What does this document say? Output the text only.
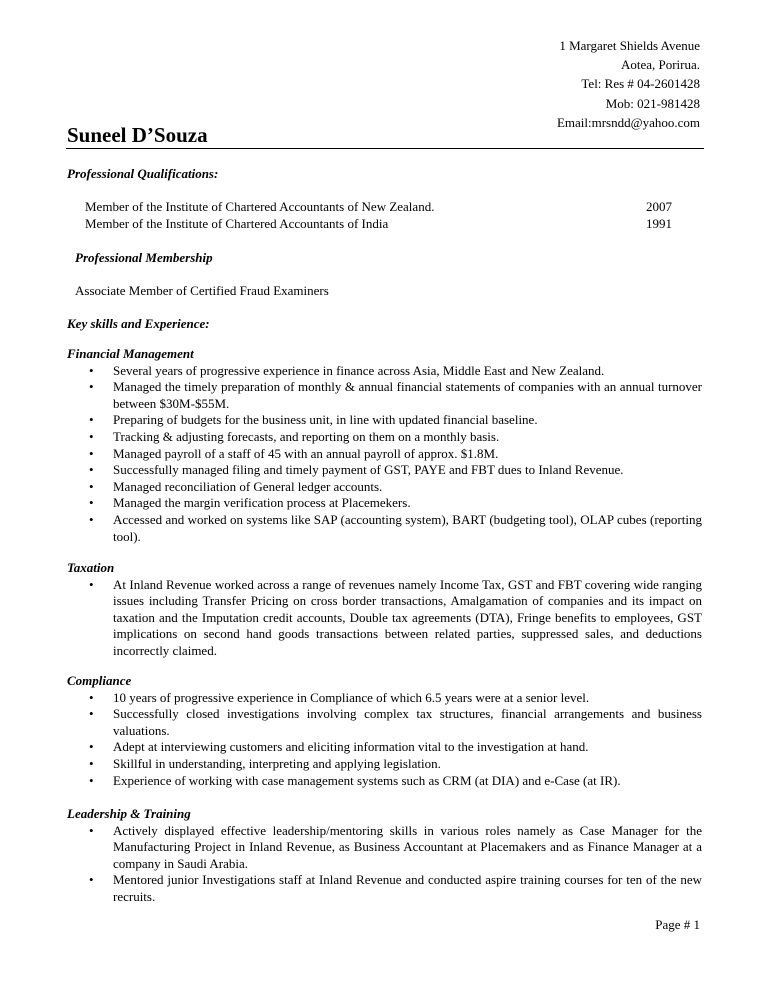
1 Margaret Shields Avenue
Aotea, Porirua.
Tel: Res # 04-2601428
Mob: 021-981428
Email:mrsndd@yahoo.com
Suneel D’Souza
Professional Qualifications:
Member of the Institute of Chartered Accountants of New Zealand.	2007
Member of the Institute of Chartered Accountants of India	1991
Professional Membership
Associate Member of Certified Fraud Examiners
Key skills and Experience:
Financial Management
• Several years of progressive experience in finance across Asia, Middle East and New Zealand.
• Managed the timely preparation of monthly & annual financial statements of companies with an annual turnover between $30M-$55M.
• Preparing of budgets for the business unit, in line with updated financial baseline.
• Tracking & adjusting forecasts, and reporting on them on a monthly basis.
• Managed payroll of a staff of 45 with an annual payroll of approx. $1.8M.
• Successfully managed filing and timely payment of GST, PAYE and FBT dues to Inland Revenue.
• Managed reconciliation of General ledger accounts.
• Managed the margin verification process at Placemekers.
• Accessed and worked on systems like SAP (accounting system), BART (budgeting tool), OLAP cubes (reporting tool).
Taxation
• At Inland Revenue worked across a range of revenues namely Income Tax, GST and FBT covering wide ranging issues including Transfer Pricing on cross border transactions, Amalgamation of companies and its impact on taxation and the Imputation credit accounts, Double tax agreements (DTA), Fringe benefits to employees, GST implications on second hand goods transactions between related parties, suppressed sales, and deductions incorrectly claimed.
Compliance
• 10 years of progressive experience in Compliance of which 6.5 years were at a senior level.
• Successfully closed investigations involving complex tax structures, financial arrangements and business valuations.
• Adept at interviewing customers and eliciting information vital to the investigation at hand.
• Skillful in understanding, interpreting and applying legislation.
• Experience of working with case management systems such as CRM (at DIA) and e-Case (at IR).
Leadership & Training
• Actively displayed effective leadership/mentoring skills in various roles namely as Case Manager for the Manufacturing Project in Inland Revenue, as Business Accountant at Placemakers and as Finance Manager at a company in Saudi Arabia.
• Mentored junior Investigations staff at Inland Revenue and conducted aspire training courses for ten of the new recruits.
Page # 1
